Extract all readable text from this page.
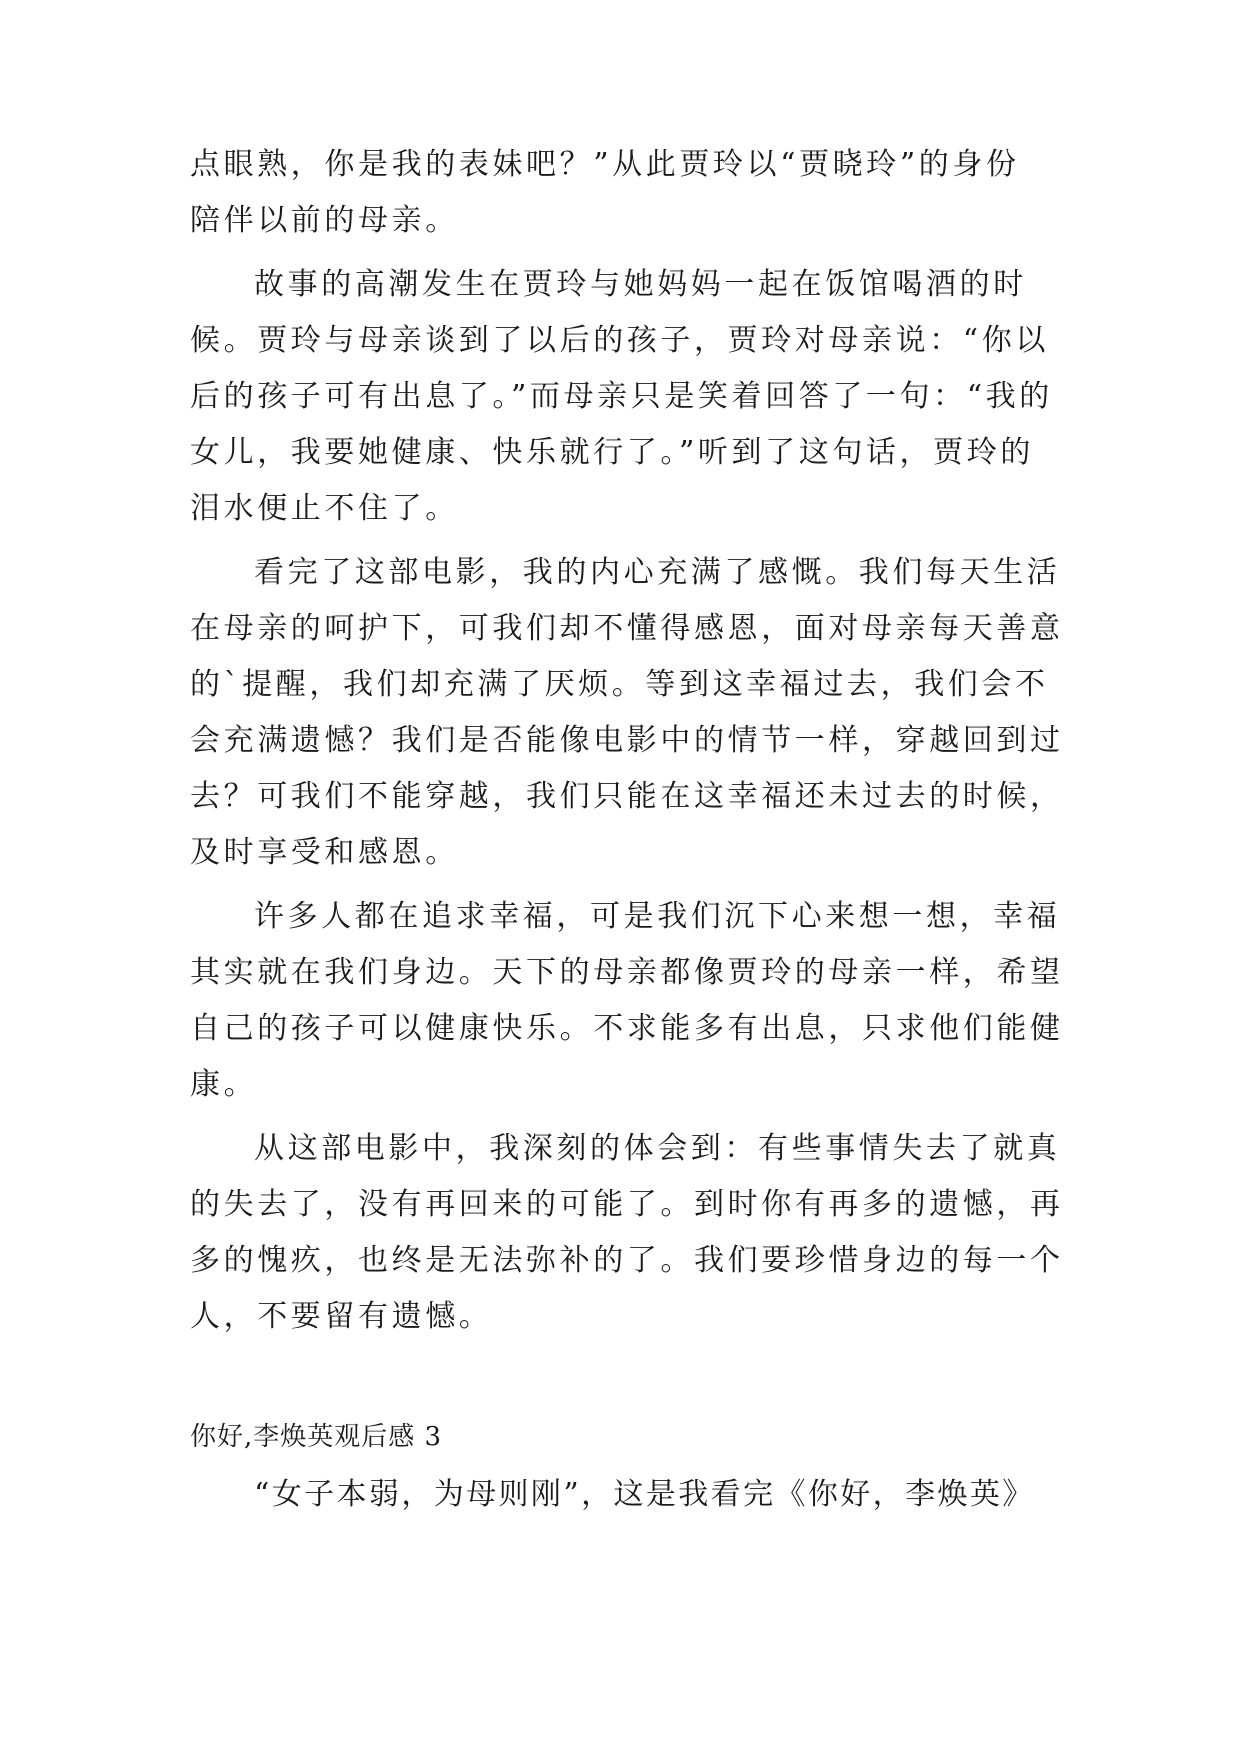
点眼熟，你是我的表妹吧？”从此贾玲以“贾晓玲”的身份
陪伴以前的母亲。
故事的高潮发生在贾玲与她妈妈一起在饭馆喝酒的时
候。贾玲与母亲谈到了以后的孩子，贾玲对母亲说：“你以
后的孩子可有出息了。”而母亲只是笑着回答了一句：“我的
女儿，我要她健康、快乐就行了。”听到了这句话，贾玲的
泪水便止不住了。
看完了这部电影，我的内心充满了感慨。我们每天生活
在母亲的呵护下，可我们却不懂得感恩，面对母亲每天善意
的`提醒，我们却充满了厌烦。等到这幸福过去，我们会不
会充满遗憾？我们是否能像电影中的情节一样，穿越回到过
去？可我们不能穿越，我们只能在这幸福还未过去的时候，
及时享受和感恩。
许多人都在追求幸福，可是我们沉下心来想一想，幸福
其实就在我们身边。天下的母亲都像贾玲的母亲一样，希望
自己的孩子可以健康快乐。不求能多有出息，只求他们能健
康。
从这部电影中，我深刻的体会到：有些事情失去了就真
的失去了，没有再回来的可能了。到时你有再多的遗憾，再
多的愧疚，也终是无法弥补的了。我们要珍惜身边的每一个
人，不要留有遗憾。
你好,李焕英观后感 3
“女子本弱，为母则刚”，这是我看完《你好，李焕英》
